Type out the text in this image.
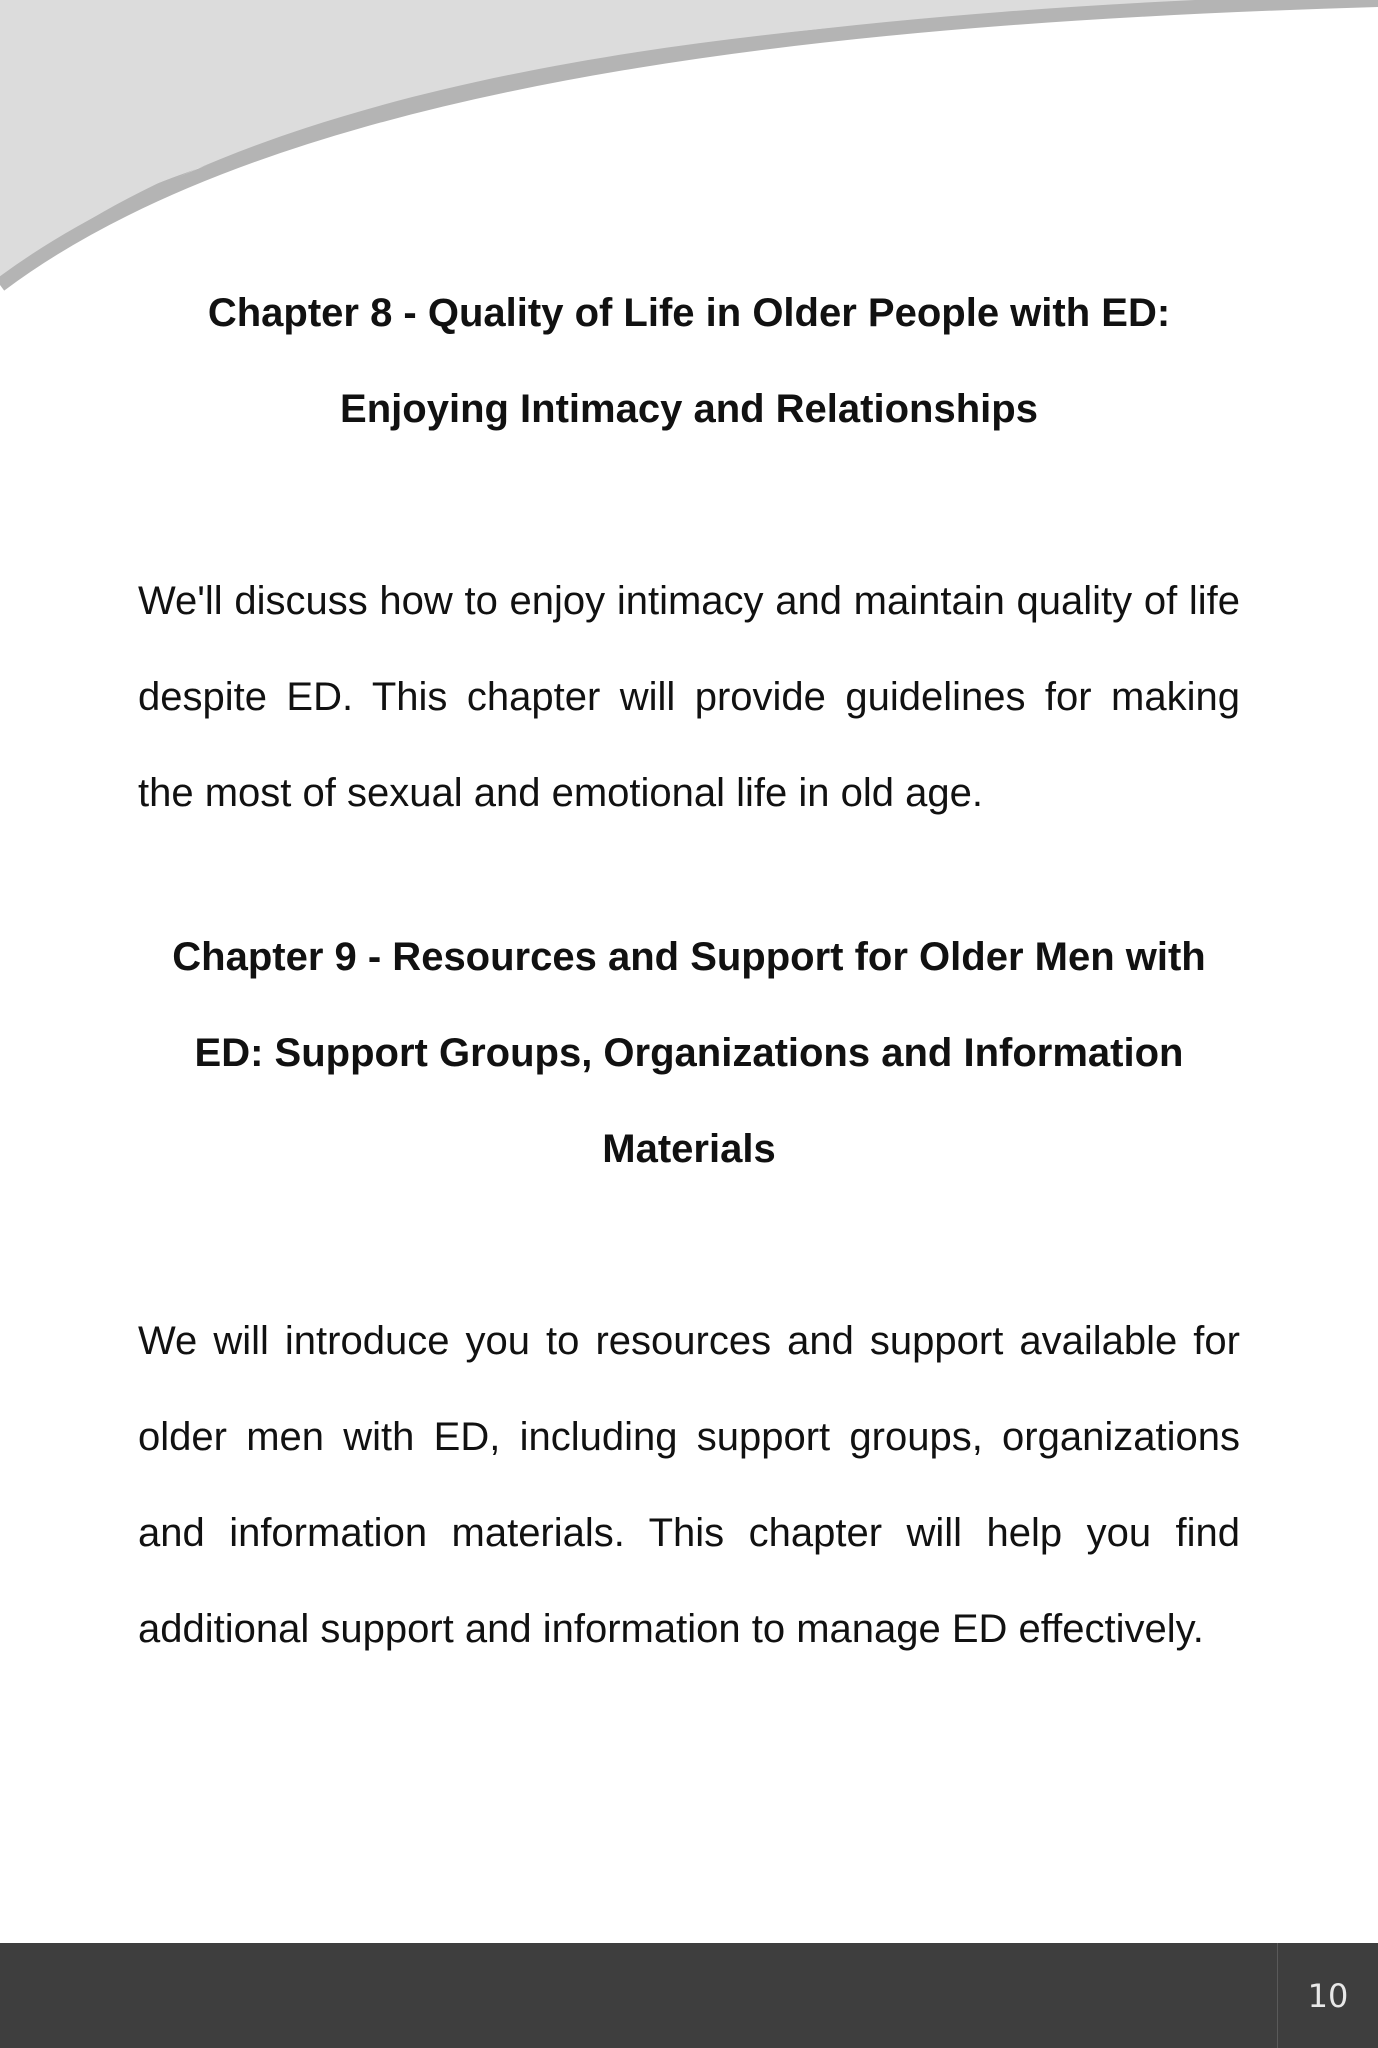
Chapter 8 - Quality of Life in Older People with ED: Enjoying Intimacy and Relationships

We'll discuss how to enjoy intimacy and maintain quality of life despite ED. This chapter will provide guidelines for making the most of sexual and emotional life in old age.

Chapter 9 - Resources and Support for Older Men with ED: Support Groups, Organizations and Information Materials

We will introduce you to resources and support available for older men with ED, including support groups, organizations and information materials. This chapter will help you find additional support and information to manage ED effectively.

10
